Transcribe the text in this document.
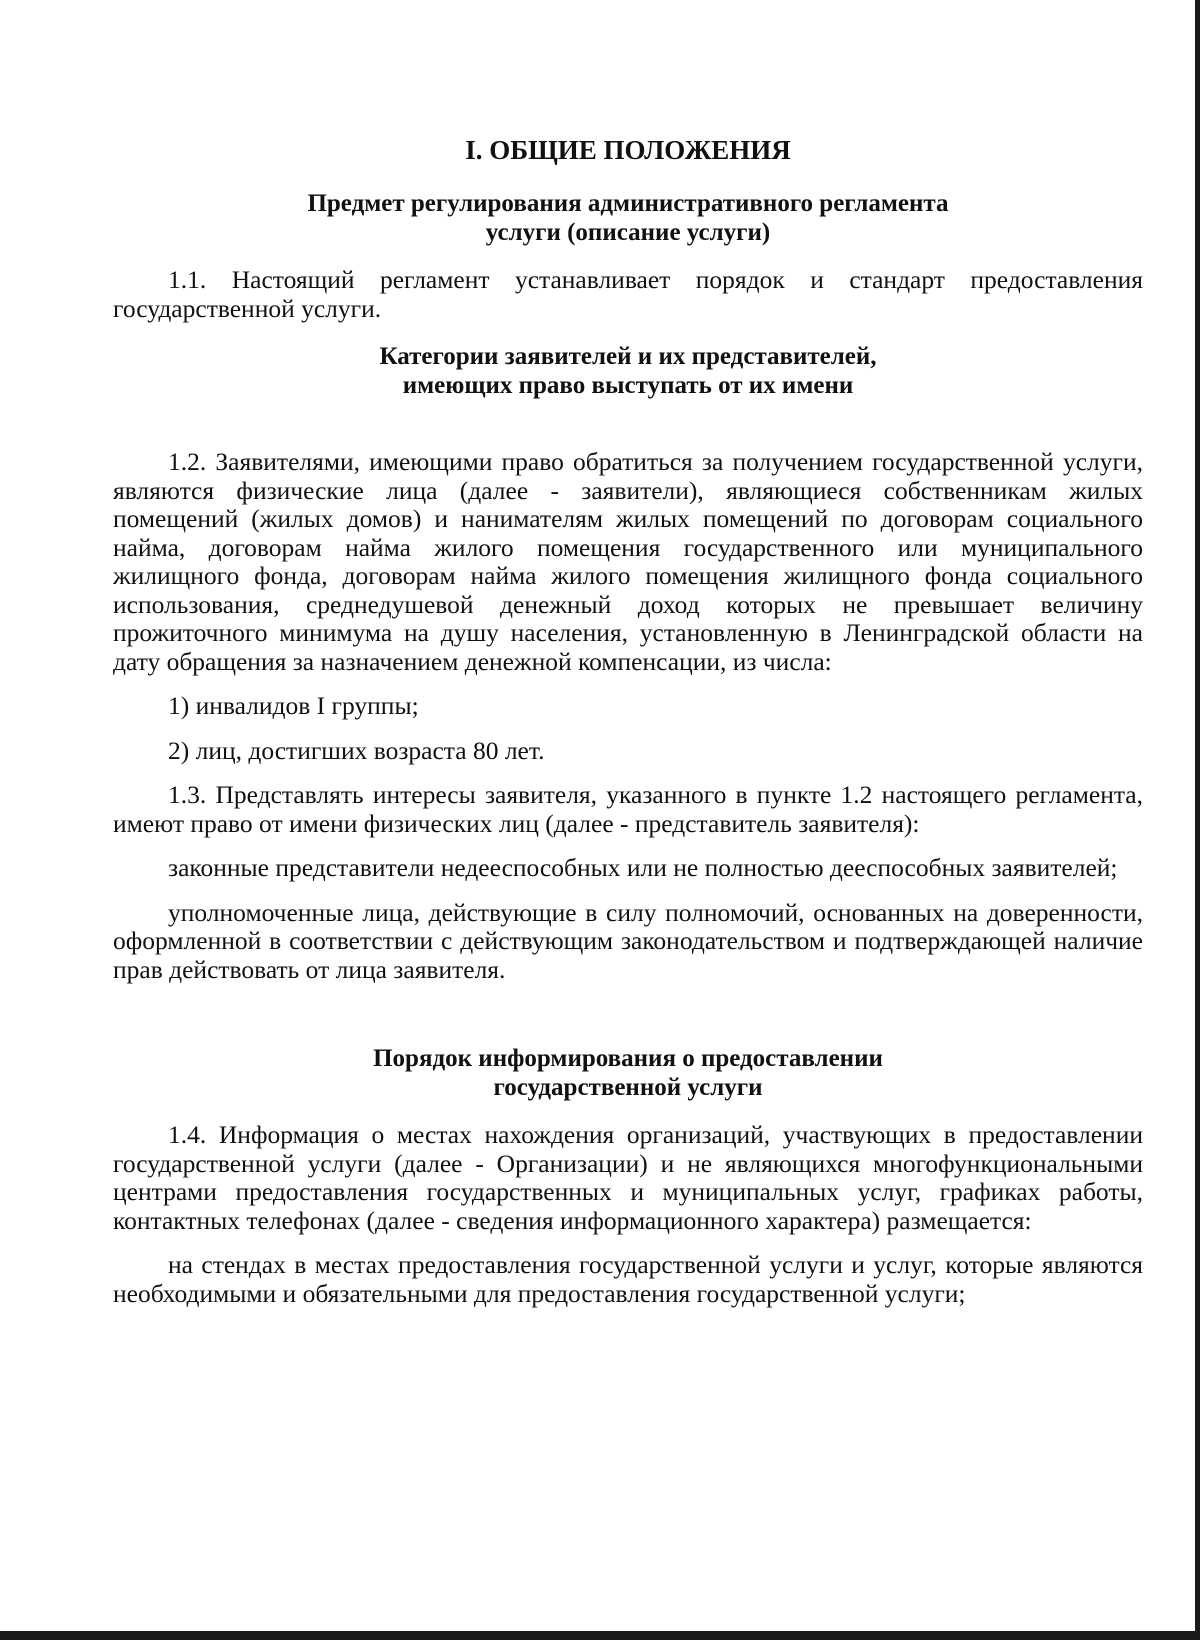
I. ОБЩИЕ ПОЛОЖЕНИЯ
Предмет регулирования административного регламента
услуги (описание услуги)

1.1. Настоящий регламент устанавливает порядок и стандарт предоставления государственной услуги.

Категории заявителей и их представителей,
имеющих право выступать от их имени

1.2. Заявителями, имеющими право обратиться за получением государственной услуги, являются физические лица (далее - заявители), являющиеся собственникам жилых помещений (жилых домов) и нанимателям жилых помещений по договорам социального найма, договорам найма жилого помещения государственного или муниципального жилищного фонда, договорам найма жилого помещения жилищного фонда социального использования, среднедушевой денежный доход которых не превышает величину прожиточного минимума на душу населения, установленную в Ленинградской области на дату обращения за назначением денежной компенсации, из числа:

1) инвалидов I группы;

2) лиц, достигших возраста 80 лет.

1.3. Представлять интересы заявителя, указанного в пункте 1.2 настоящего регламента, имеют право от имени физических лиц (далее - представитель заявителя):

законные представители недееспособных или не полностью дееспособных заявителей;

уполномоченные лица, действующие в силу полномочий, основанных на доверенности, оформленной в соответствии с действующим законодательством и подтверждающей наличие прав действовать от лица заявителя.

Порядок информирования о предоставлении
государственной услуги

1.4. Информация о местах нахождения организаций, участвующих в предоставлении государственной услуги (далее - Организации) и не являющихся многофункциональными центрами предоставления государственных и муниципальных услуг, графиках работы, контактных телефонах (далее - сведения информационного характера) размещается:

на стендах в местах предоставления государственной услуги и услуг, которые являются необходимыми и обязательными для предоставления государственной услуги;
